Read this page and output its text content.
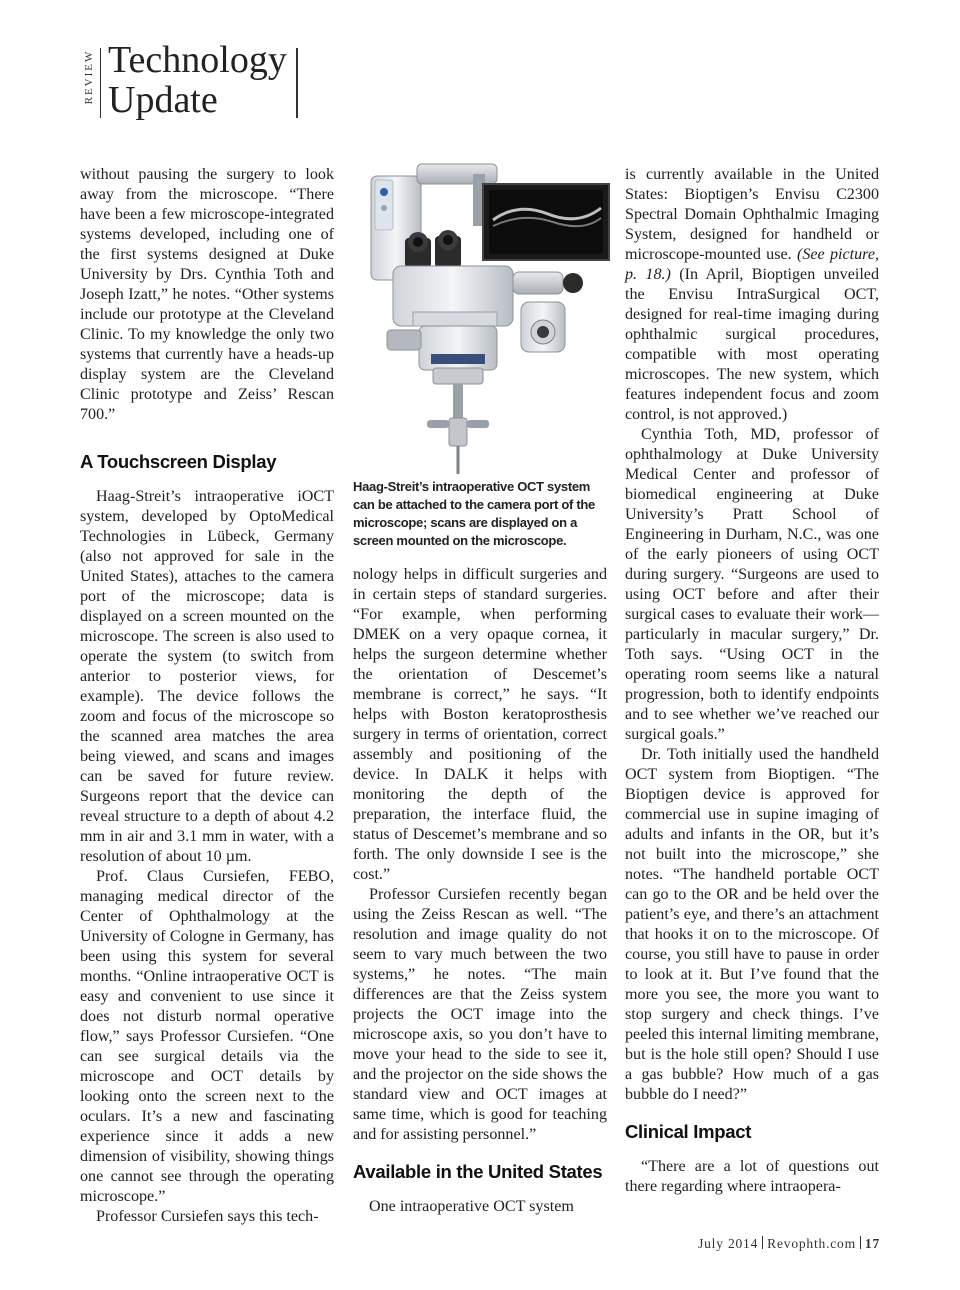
REVIEW Technology
Update

without pausing the surgery to look away from the microscope. “There have been a few microscope-integrated systems developed, including one of the first systems designed at Duke University by Drs. Cynthia Toth and Joseph Izatt,” he notes. “Other systems include our prototype at the Cleveland Clinic. To my knowledge the only two systems that currently have a heads-up display system are the Cleveland Clinic prototype and Zeiss’ Rescan 700.”

A Touchscreen Display

Haag-Streit’s intraoperative iOCT system, developed by OptoMedical Technologies in Lübeck, Germany (also not approved for sale in the United States), attaches to the camera port of the microscope; data is displayed on a screen mounted on the microscope. The screen is also used to operate the system (to switch from anterior to posterior views, for example). The device follows the zoom and focus of the microscope so the scanned area matches the area being viewed, and scans and images can be saved for future review. Surgeons report that the device can reveal structure to a depth of about 4.2 mm in air and 3.1 mm in water, with a resolution of about 10 µm.

Prof. Claus Cursiefen, FEBO, managing medical director of the Center of Ophthalmology at the University of Cologne in Germany, has been using this system for several months. “Online intraoperative OCT is easy and convenient to use since it does not disturb normal operative flow,” says Professor Cursiefen. “One can see surgical details via the microscope and OCT details by looking onto the screen next to the oculars. It’s a new and fascinating experience since it adds a new dimension of visibility, showing things one cannot see through the operating microscope.”

Professor Cursiefen says this tech-

Haag-Streit’s intraoperative OCT system can be attached to the camera port of the microscope; scans are displayed on a screen mounted on the microscope.

nology helps in difficult surgeries and in certain steps of standard surgeries. “For example, when performing DMEK on a very opaque cornea, it helps the surgeon determine whether the orientation of Descemet’s membrane is correct,” he says. “It helps with Boston keratoprosthesis surgery in terms of orientation, correct assembly and positioning of the device. In DALK it helps with monitoring the depth of the preparation, the interface fluid, the status of Descemet’s membrane and so forth. The only downside I see is the cost.”

Professor Cursiefen recently began using the Zeiss Rescan as well. “The resolution and image quality do not seem to vary much between the two systems,” he notes. “The main differences are that the Zeiss system projects the OCT image into the microscope axis, so you don’t have to move your head to the side to see it, and the projector on the side shows the standard view and OCT images at same time, which is good for teaching and for assisting personnel.”

Available in the United States

One intraoperative OCT system

is currently available in the United States: Bioptigen’s Envisu C2300 Spectral Domain Ophthalmic Imaging System, designed for handheld or microscope-mounted use. (See picture, p. 18.) (In April, Bioptigen unveiled the Envisu IntraSurgical OCT, designed for real-time imaging during ophthalmic surgical procedures, compatible with most operating microscopes. The new system, which features independent focus and zoom control, is not approved.)

Cynthia Toth, MD, professor of ophthalmology at Duke University Medical Center and professor of biomedical engineering at Duke University’s Pratt School of Engineering in Durham, N.C., was one of the early pioneers of using OCT during surgery. “Surgeons are used to using OCT before and after their surgical cases to evaluate their work—particularly in macular surgery,” Dr. Toth says. “Using OCT in the operating room seems like a natural progression, both to identify endpoints and to see whether we’ve reached our surgical goals.”

Dr. Toth initially used the handheld OCT system from Bioptigen. “The Bioptigen device is approved for commercial use in supine imaging of adults and infants in the OR, but it’s not built into the microscope,” she notes. “The handheld portable OCT can go to the OR and be held over the patient’s eye, and there’s an attachment that hooks it on to the microscope. Of course, you still have to pause in order to look at it. But I’ve found that the more you see, the more you want to stop surgery and check things. I’ve peeled this internal limiting membrane, but is the hole still open? Should I use a gas bubble? How much of a gas bubble do I need?”

Clinical Impact

“There are a lot of questions out there regarding where intraopera-

July 2014 Revophth.com 17
